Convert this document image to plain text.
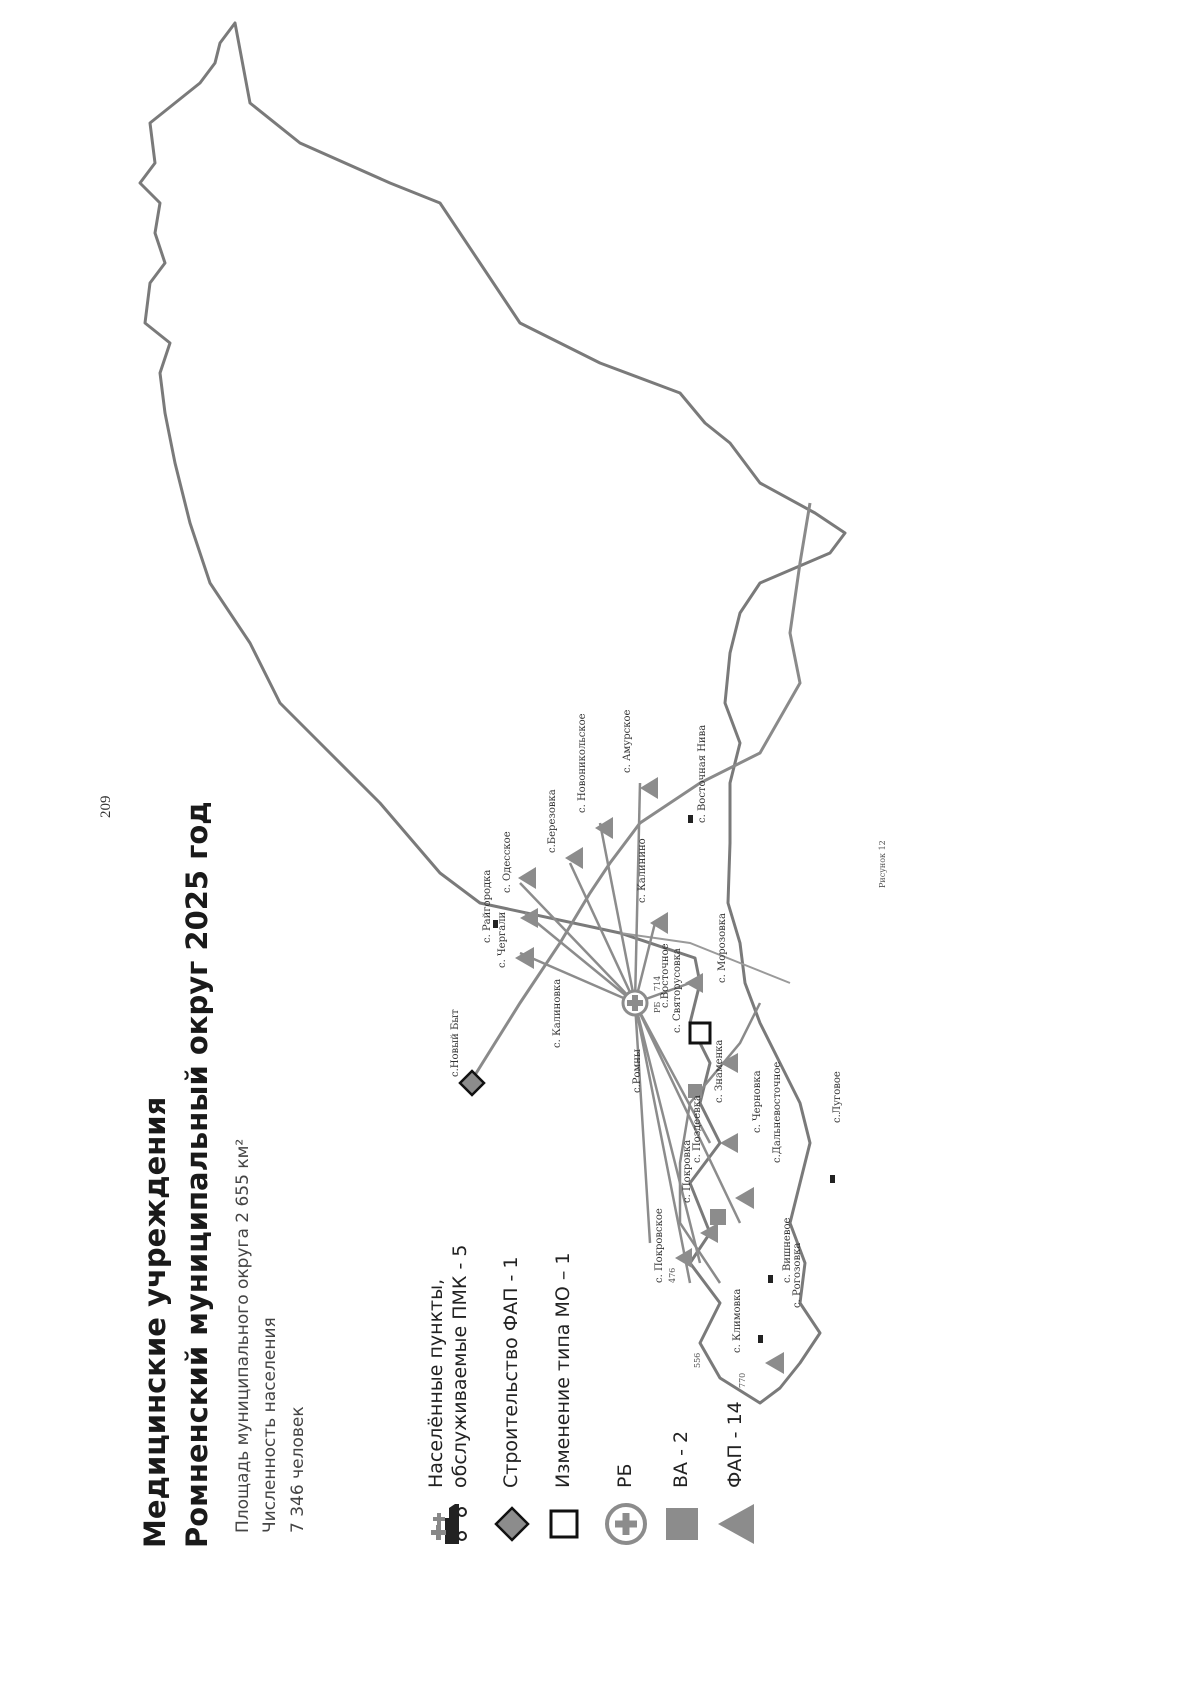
209
Медицинские учреждения Ромненский муниципальный округ 2025 год Площадь муниципального округа 2 655 км² Численность населения 7 346 человек	Населённые пункты, обслуживаемые ПМК - 5 Строительство ФАП - 1 Изменение типа МО – 1 РБ ВА - 2 ФАП - 14
РБ
714
с.Новый Быт
с. Райгородка с. Чергали
с. Одесское
с.Березовка
с. Новоникольское	с. Амурское
с. Калинино
с. Калиновка
с.Ромны
с. Поздеевка
с. Покровка
с. Покровское
с. Климовка
с. Вишневое с. Рогозовка
с.Дальневосточное
с. Черновка	с.Луговое
с. Святорусовка
с. Морозовка
с.Восточное
с. Восточная Нива
с. Знаменка
770
556
476
Рисунок 12
